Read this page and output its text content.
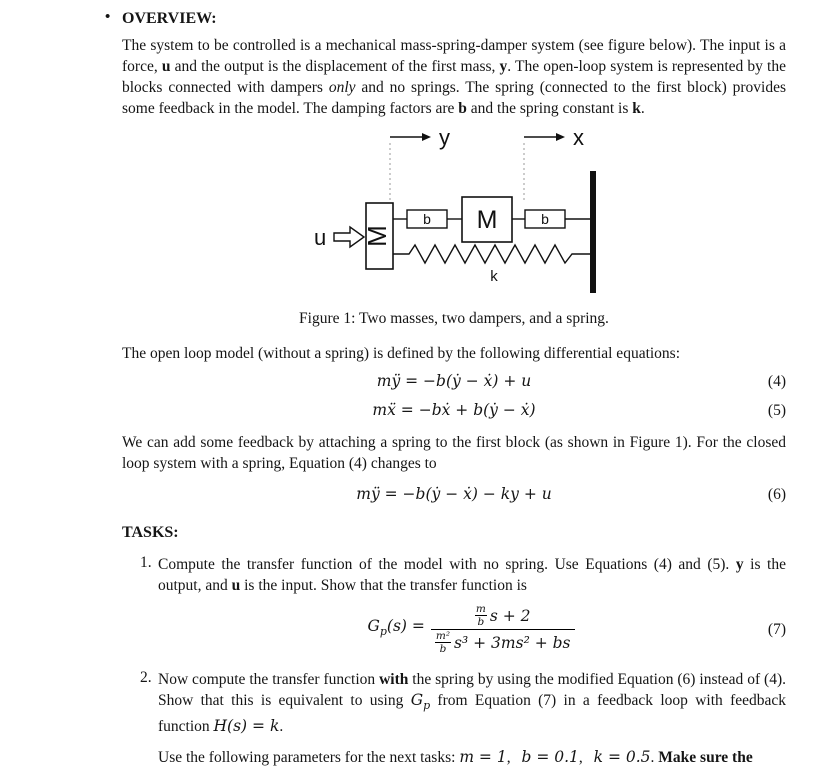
• OVERVIEW:

The system to be controlled is a mechanical mass-spring-damper system (see figure below). The input is a force, u and the output is the displacement of the first mass, y. The open-loop system is represented by the blocks connected with dampers only and no springs. The spring (connected to the first block) provides some feedback in the model. The damping factors are b and the spring constant is k.

y	x
u M
b M	b
k
Figure 1: Two masses, two dampers, and a spring.

The open loop model (without a spring) is defined by the following differential equations:

mÿ = −b(ẏ − ẋ) + u	(4)
mẍ = −bẋ + b(ẏ − ẋ)	(5)

We can add some feedback by attaching a spring to the first block (as shown in Figure 1). For the closed loop system with a spring, Equation (4) changes to

mÿ = −b(ẏ − ẋ) − ky + u	(6)
TASKS:
1. Compute the transfer function of the model with no spring. Use Equations (4) and (5). y is the output, and u is the input. Show that the transfer function is
$G_p(s)$ =	$\frac{m}{b}$ s + 2
$\frac{\text{m²}}{b} s^3 + 3ms^2$ + bs
(7)
2. Now compute the transfer function with the spring by using the modified Equation (6) instead of (4). Show that this is equivalent to using $G_p$ from Equation (7) in a feedback loop with feedback function H(s) = k.

Use the following parameters for the next tasks: m = 1, b = 0.1, k = 0.5. Make sure the
